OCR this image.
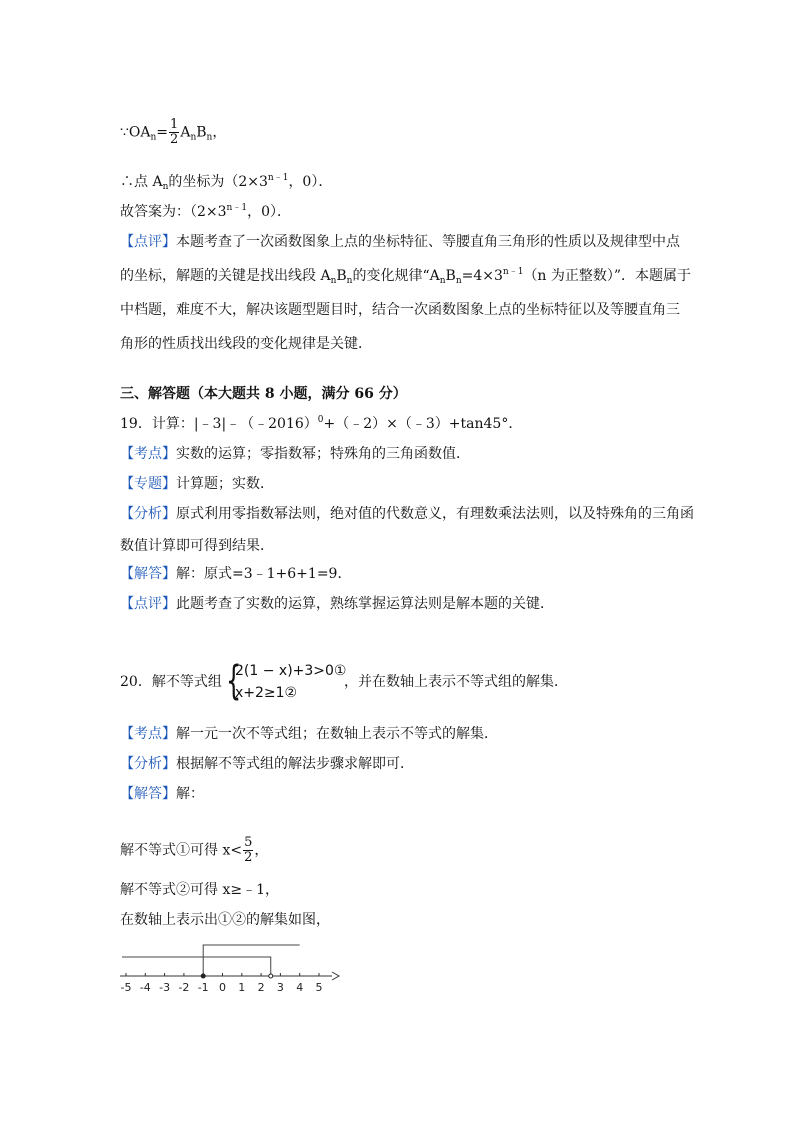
$\because OA_n= \frac{1}{2} A_nB_n$，
∴点 $A_n$的坐标为（$2\times 3^{n﹣1}$，0）．
故答案为：（$2\times 3^{n﹣1}$，0）．
【点评】本题考查了一次函数图象上点的坐标特征、等腰直角三角形的性质以及规律型中点
的坐标，解题的关键是找出线段 $A_nB_n$的变化规律“$A_nB_n=4\times 3^{n﹣1}(n$ 为正整数）”．本题属于
中档题，难度不大，解决该题型题目时，结合一次函数图象上点的坐标特征以及等腰直角三
角形的性质找出线段的变化规律是关键．
三、解答题（本大题共 8 小题，满分 66 分）
19．计算：|﹣3|﹣（﹣2016）$^0$+（﹣2）×（﹣3）+tan45°．
【考点】实数的运算；零指数幂；特殊角的三角函数值．
【专题】计算题；实数．
【分析】原式利用零指数幂法则，绝对值的代数意义，有理数乘法法则，以及特殊角的三角函
数值计算即可得到结果．
【解答】解：原式=3﹣1+6+1=9．
【点评】此题考查了实数的运算，熟练掌握运算法则是解本题的关键．
20．解不等式组 {
2(1 − x)+3>0①
x+2≥1②
，并在数轴上表示不等式组的解集．
【考点】解一元一次不等式组；在数轴上表示不等式的解集．
【分析】根据解不等式组的解法步骤求解即可．
【解答】解：
解不等式①可得 $x< \frac{5}{2}$ ，
解不等式②可得 x≥﹣1，
在数轴上表示出①②的解集如图，
-5 -4 -3 -2 -1 0 1 2 3 4 5
